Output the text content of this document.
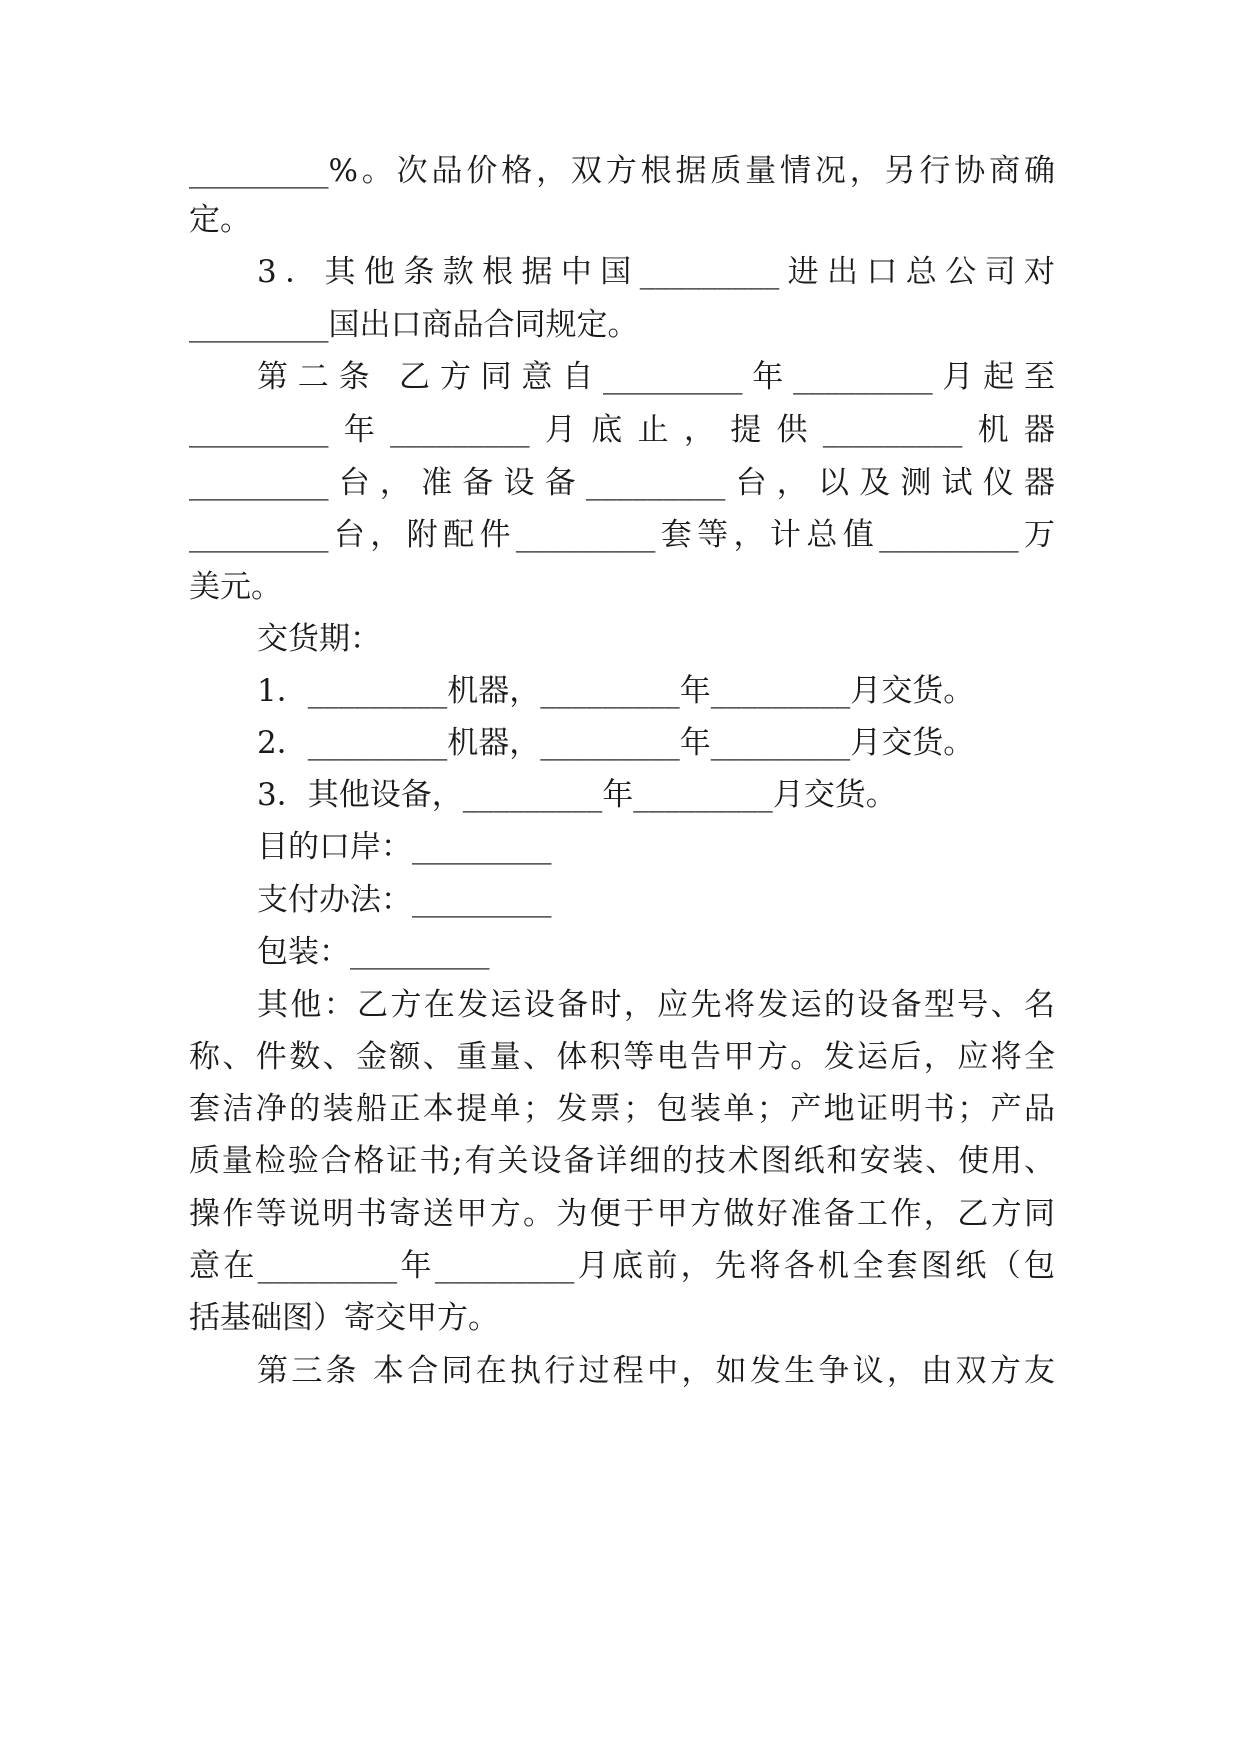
_________%。次品价格，双方根据质量情况，另行协商确
定。
3．其他条款根据中国_________进出口总公司对
_________国出口商品合同规定。
第二条 乙方同意自_________年_________月起至
_________年_________月底止，提供_________机器
_________台，准备设备_________台，以及测试仪器
_________台，附配件_________套等，计总值_________万
美元。
交货期：
1．_________机器，_________年_________月交货。
2．_________机器，_________年_________月交货。
3．其他设备，_________年_________月交货。
目的口岸：_________
支付办法：_________
包装：_________
其他：乙方在发运设备时，应先将发运的设备型号、名
称、件数、金额、重量、体积等电告甲方。发运后，应将全
套洁净的装船正本提单；发票；包装单；产地证明书；产品
质量检验合格证书;有关设备详细的技术图纸和安装、使用、
操作等说明书寄送甲方。为便于甲方做好准备工作，乙方同
意在_________年_________月底前，先将各机全套图纸（包
括基础图）寄交甲方。
第三条 本合同在执行过程中，如发生争议，由双方友
